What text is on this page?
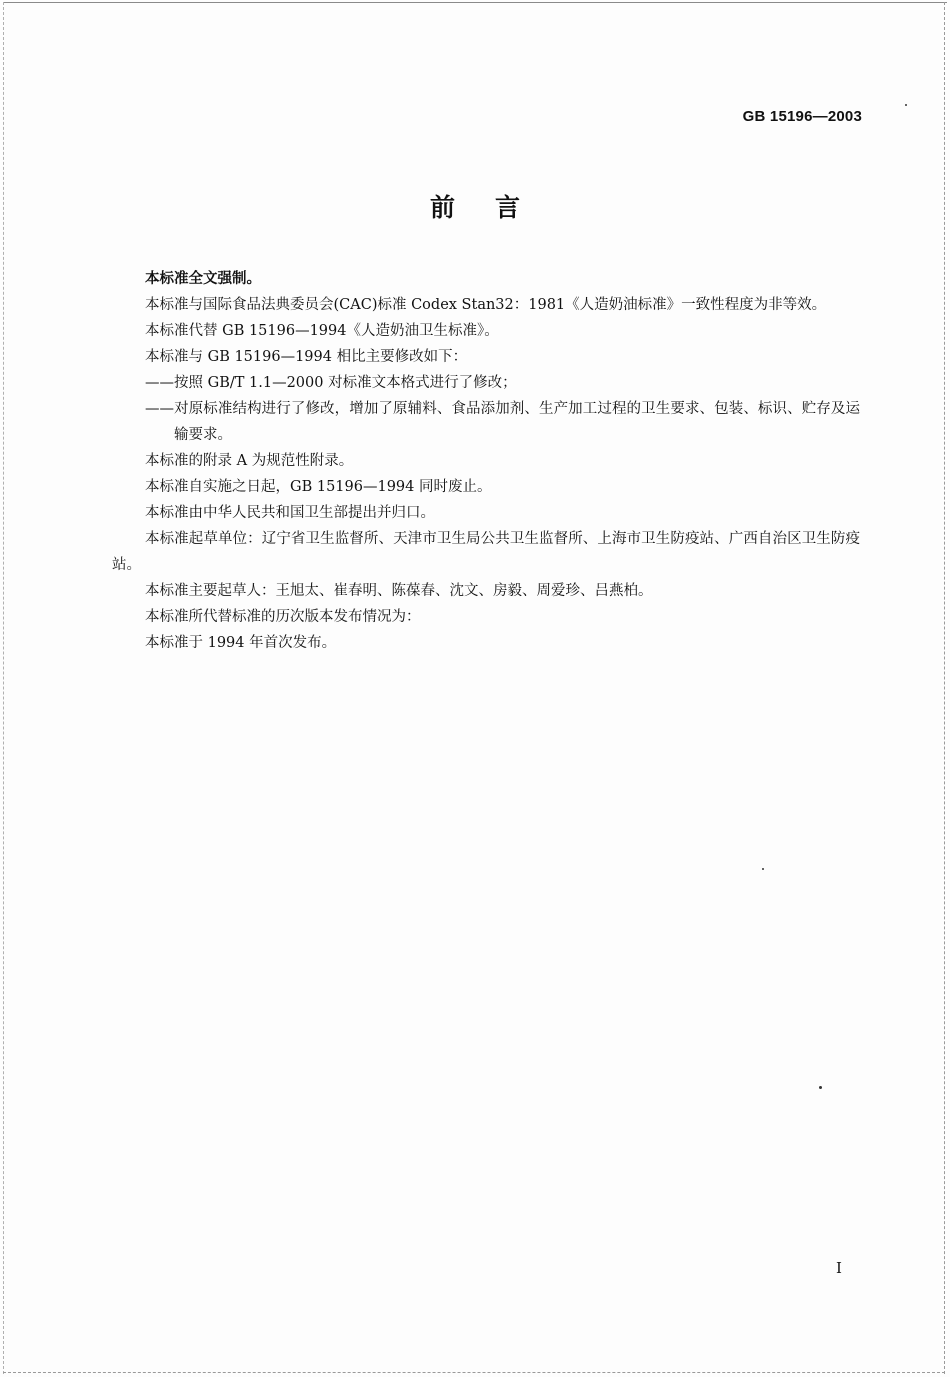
GB 15196—2003
前言

本标准全文强制。

本标准与国际食品法典委员会(CAC)标准 Codex Stan32：1981《人造奶油标准》一致性程度为非等效。

本标准代替 GB 15196—1994《人造奶油卫生标准》。

本标准与 GB 15196—1994 相比主要修改如下：

——按照 GB/T 1.1—2000 对标准文本格式进行了修改；

——对原标准结构进行了修改，增加了原辅料、食品添加剂、生产加工过程的卫生要求、包装、标识、贮存及运输要求。

本标准的附录 A 为规范性附录。

本标准自实施之日起，GB 15196—1994 同时废止。

本标准由中华人民共和国卫生部提出并归口。

本标准起草单位：辽宁省卫生监督所、天津市卫生局公共卫生监督所、上海市卫生防疫站、广西自治区卫生防疫站。

本标准主要起草人：王旭太、崔春明、陈葆春、沈文、房毅、周爱珍、吕燕柏。

本标准所代替标准的历次版本发布情况为：

本标准于 1994 年首次发布。

I
